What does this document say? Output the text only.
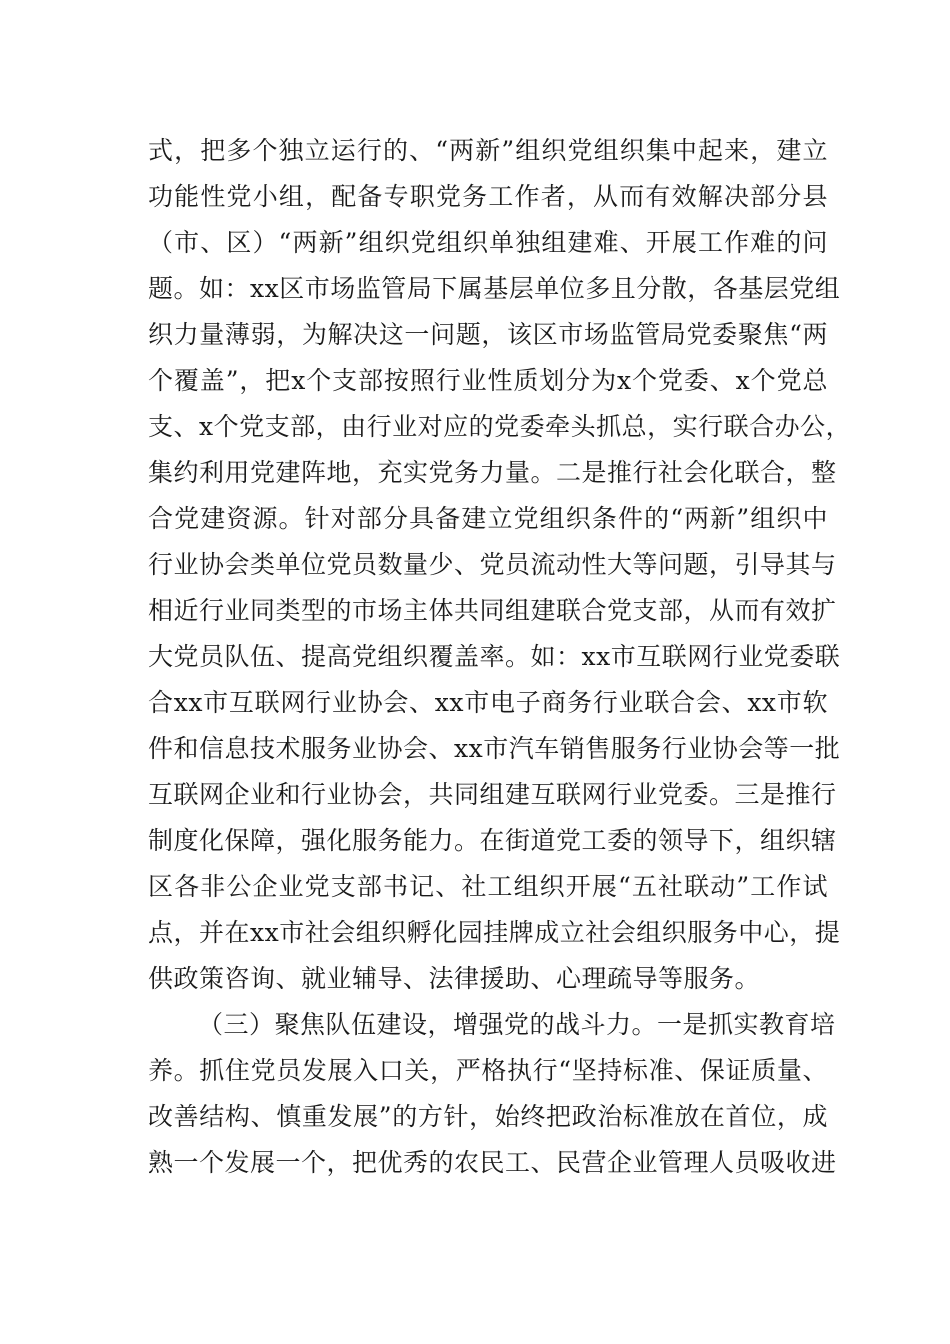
式，把多个独立运行的、“两新”组织党组织集中起来，建立
功能性党小组，配备专职党务工作者，从而有效解决部分县
（市、区）“两新”组织党组织单独组建难、开展工作难的问
题。如：xx区市场监管局下属基层单位多且分散，各基层党组
织力量薄弱，为解决这一问题，该区市场监管局党委聚焦“两
个覆盖”，把x个支部按照行业性质划分为x个党委、x个党总
支、x个党支部，由行业对应的党委牵头抓总，实行联合办公，
集约利用党建阵地，充实党务力量。二是推行社会化联合，整
合党建资源。针对部分具备建立党组织条件的“两新”组织中
行业协会类单位党员数量少、党员流动性大等问题，引导其与
相近行业同类型的市场主体共同组建联合党支部，从而有效扩
大党员队伍、提高党组织覆盖率。如：xx市互联网行业党委联
合xx市互联网行业协会、xx市电子商务行业联合会、xx市软
件和信息技术服务业协会、xx市汽车销售服务行业协会等一批
互联网企业和行业协会，共同组建互联网行业党委。三是推行
制度化保障，强化服务能力。在街道党工委的领导下，组织辖
区各非公企业党支部书记、社工组织开展“五社联动”工作试
点，并在xx市社会组织孵化园挂牌成立社会组织服务中心，提
供政策咨询、就业辅导、法律援助、心理疏导等服务。
（三）聚焦队伍建设，增强党的战斗力。一是抓实教育培
养。抓住党员发展入口关，严格执行“坚持标准、保证质量、
改善结构、慎重发展”的方针，始终把政治标准放在首位，成
熟一个发展一个，把优秀的农民工、民营企业管理人员吸收进
